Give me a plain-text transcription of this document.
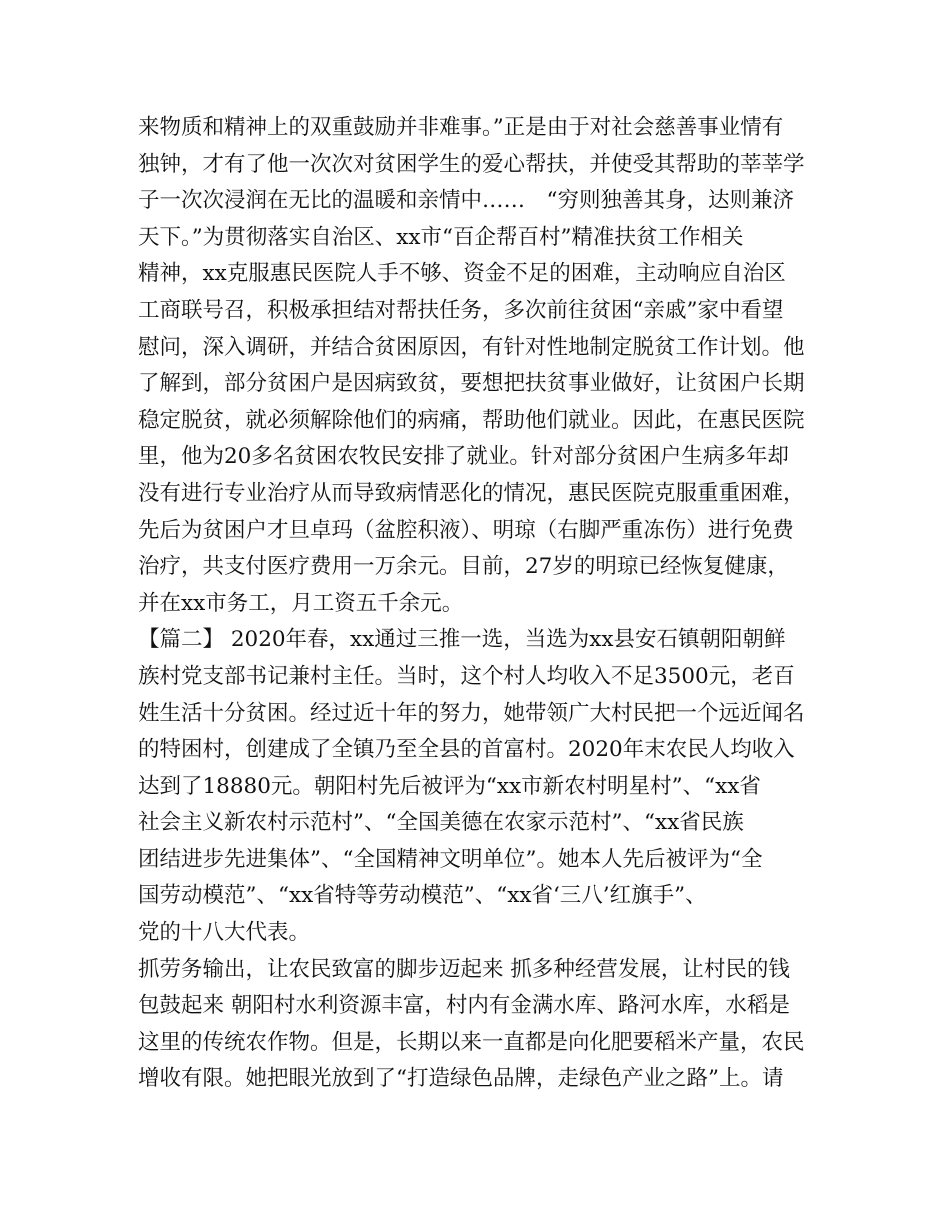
来物质和精神上的双重鼓励并非难事。”正是由于对社会慈善事业情有
独钟，才有了他一次次对贫困学生的爱心帮扶，并使受其帮助的莘莘学
子一次次浸润在无比的温暖和亲情中……　“穷则独善其身，达则兼济
天下。”为贯彻落实自治区、xx市“百企帮百村”精准扶贫工作相关
精神，xx克服惠民医院人手不够、资金不足的困难，主动响应自治区
工商联号召，积极承担结对帮扶任务，多次前往贫困“亲戚”家中看望
慰问，深入调研，并结合贫困原因，有针对性地制定脱贫工作计划。他
了解到，部分贫困户是因病致贫，要想把扶贫事业做好，让贫困户长期
稳定脱贫，就必须解除他们的病痛，帮助他们就业。因此，在惠民医院
里，他为20多名贫困农牧民安排了就业。针对部分贫困户生病多年却
没有进行专业治疗从而导致病情恶化的情况，惠民医院克服重重困难，
先后为贫困户才旦卓玛（盆腔积液）、明琼（右脚严重冻伤）进行免费
治疗，共支付医疗费用一万余元。目前，27岁的明琼已经恢复健康，
并在xx市务工，月工资五千余元。
【篇二】 2020年春，xx通过三推一选，当选为xx县安石镇朝阳朝鲜
族村党支部书记兼村主任。当时，这个村人均收入不足3500元，老百
姓生活十分贫困。经过近十年的努力，她带领广大村民把一个远近闻名
的特困村，创建成了全镇乃至全县的首富村。2020年末农民人均收入
达到了18880元。朝阳村先后被评为“xx市新农村明星村”、“xx省
社会主义新农村示范村”、“全国美德在农家示范村”、“xx省民族
团结进步先进集体”、“全国精神文明单位”。她本人先后被评为“全
国劳动模范”、“xx省特等劳动模范”、“xx省‘三八’红旗手”、
党的十八大代表。
抓劳务输出，让农民致富的脚步迈起来 抓多种经营发展，让村民的钱
包鼓起来 朝阳村水利资源丰富，村内有金满水库、路河水库，水稻是
这里的传统农作物。但是，长期以来一直都是向化肥要稻米产量，农民
增收有限。她把眼光放到了“打造绿色品牌，走绿色产业之路”上。请
